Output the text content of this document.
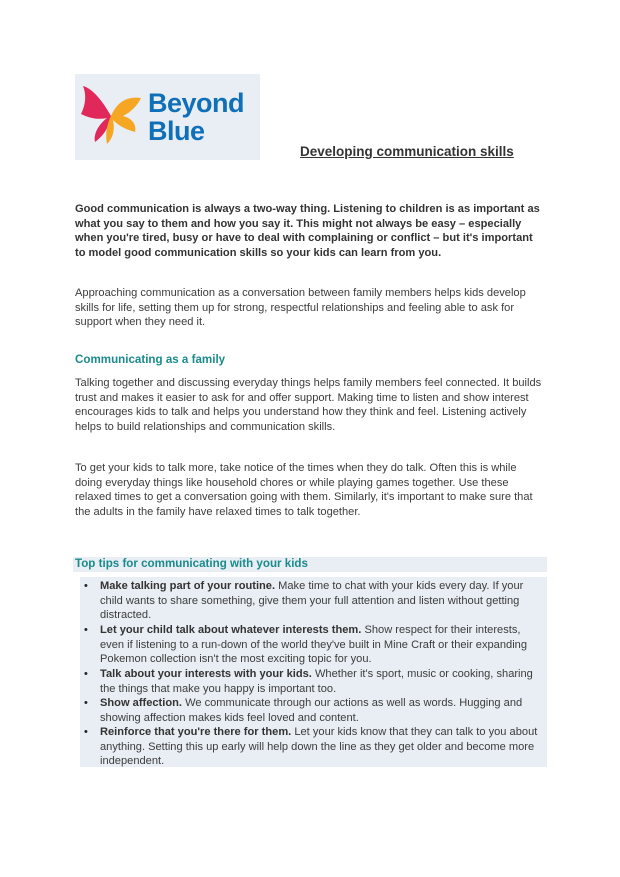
Beyond
Blue
Developing communication skills
Good communication is always a two-way thing. Listening to children is as important as what you say to them and how you say it. This might not always be easy – especially when you're tired, busy or have to deal with complaining or conflict – but it's important to model good communication skills so your kids can learn from you.
Approaching communication as a conversation between family members helps kids develop skills for life, setting them up for strong, respectful relationships and feeling able to ask for support when they need it.
Communicating as a family
Talking together and discussing everyday things helps family members feel connected. It builds trust and makes it easier to ask for and offer support. Making time to listen and show interest encourages kids to talk and helps you understand how they think and feel. Listening actively helps to build relationships and communication skills.
To get your kids to talk more, take notice of the times when they do talk. Often this is while doing everyday things like household chores or while playing games together. Use these relaxed times to get a conversation going with them. Similarly, it's important to make sure that the adults in the family have relaxed times to talk together.
Top tips for communicating with your kids
• Make talking part of your routine. Make time to chat with your kids every day. If your child wants to share something, give them your full attention and listen without getting distracted.
• Let your child talk about whatever interests them. Show respect for their interests, even if listening to a run-down of the world they've built in Mine Craft or their expanding Pokemon collection isn't the most exciting topic for you.
• Talk about your interests with your kids. Whether it's sport, music or cooking, sharing the things that make you happy is important too.
• Show affection. We communicate through our actions as well as words. Hugging and showing affection makes kids feel loved and content.
• Reinforce that you're there for them. Let your kids know that they can talk to you about anything. Setting this up early will help down the line as they get older and become more independent.
